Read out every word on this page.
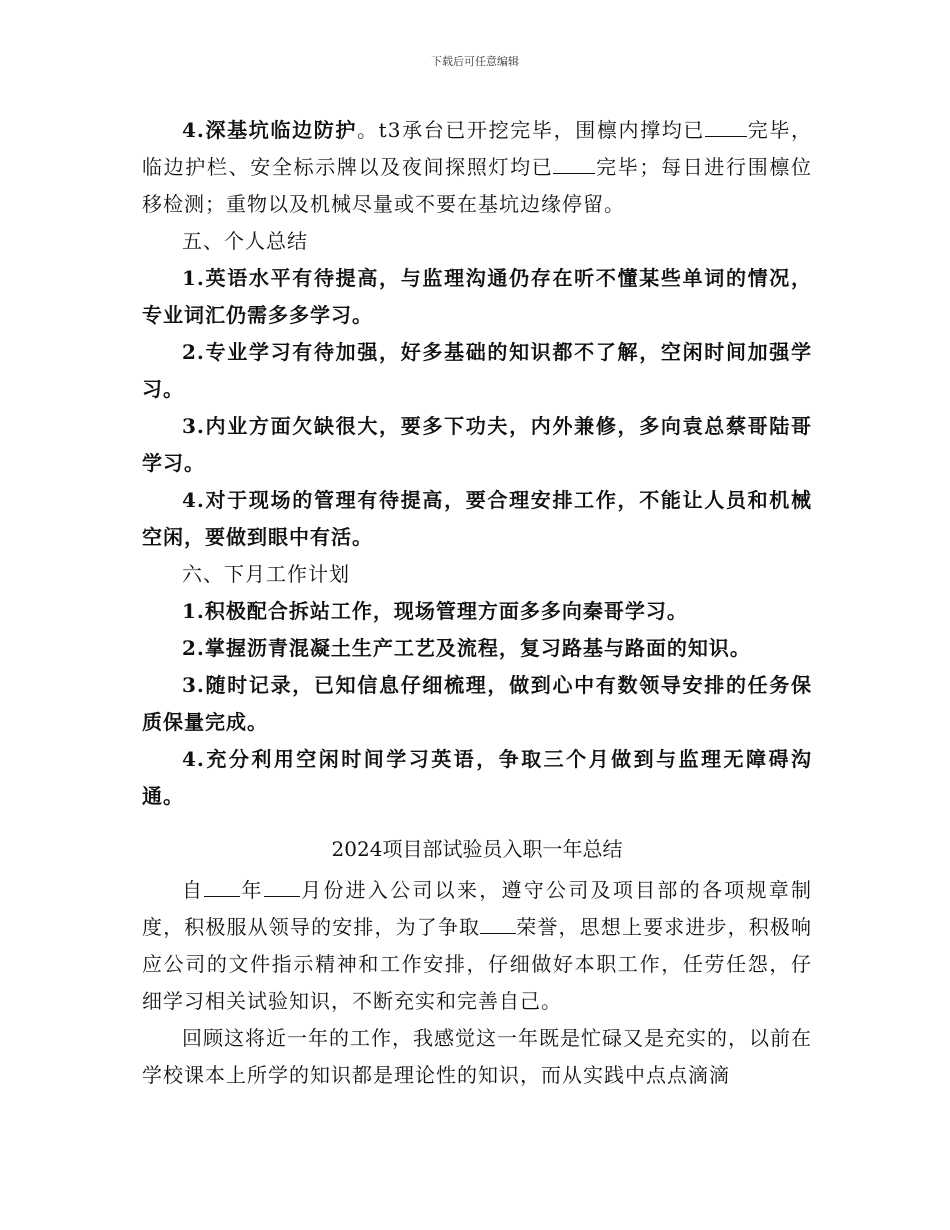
下载后可任意编辑

4.深基坑临边防护。t3承台已开挖完毕，围檩内撑均已 完毕，临边护栏、安全标示牌以及夜间探照灯均已 完毕；每日进行围檩位移检测；重物以及机械尽量或不要在基坑边缘停留。

五、个人总结

1.英语水平有待提高，与监理沟通仍存在听不懂某些单词的情况，专业词汇仍需多多学习。

2.专业学习有待加强，好多基础的知识都不了解，空闲时间加强学习。

3.内业方面欠缺很大，要多下功夫，内外兼修，多向袁总蔡哥陆哥学习。

4.对于现场的管理有待提高，要合理安排工作，不能让人员和机械空闲，要做到眼中有活。

六、下月工作计划

1.积极配合拆站工作，现场管理方面多多向秦哥学习。

2.掌握沥青混凝土生产工艺及流程，复习路基与路面的知识。

3.随时记录，已知信息仔细梳理，做到心中有数领导安排的任务保质保量完成。

4.充分利用空闲时间学习英语，争取三个月做到与监理无障碍沟通。

2024项目部试验员入职一年总结

自 年 月份进入公司以来，遵守公司及项目部的各项规章制度，积极服从领导的安排，为了争取 荣誉，思想上要求进步，积极响应公司的文件指示精神和工作安排，仔细做好本职工作，任劳任怨，仔细学习相关试验知识，不断充实和完善自己。

回顾这将近一年的工作，我感觉这一年既是忙碌又是充实的，以前在学校课本上所学的知识都是理论性的知识，而从实践中点点滴滴
